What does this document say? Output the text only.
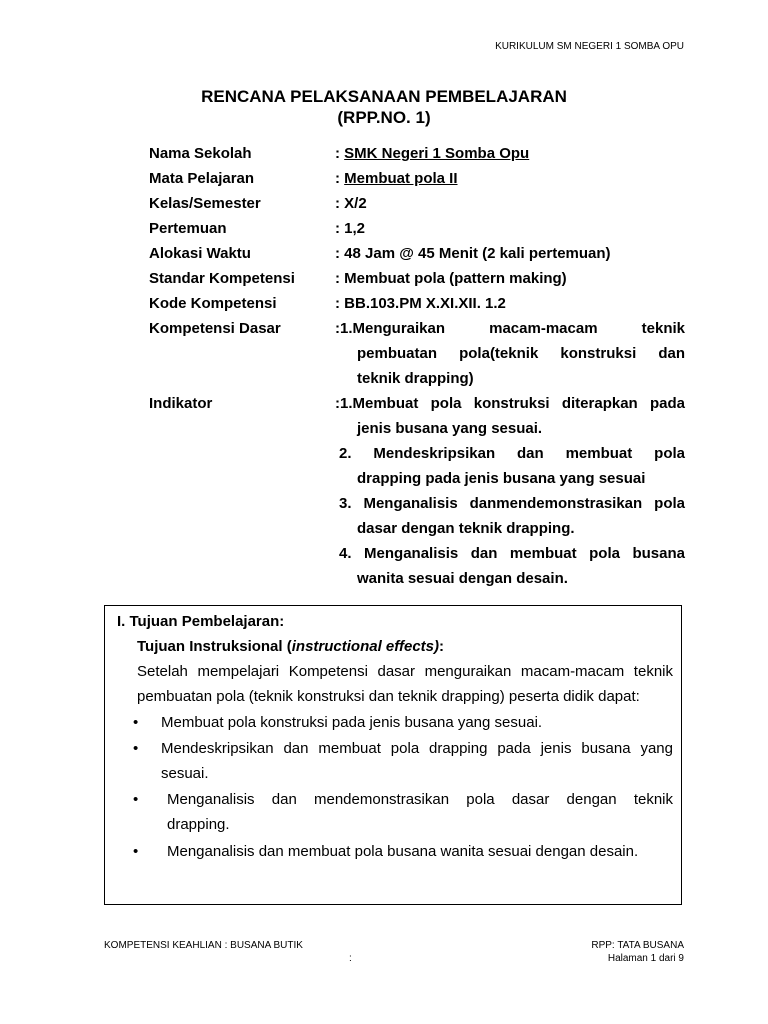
KURIKULUM SM NEGERI 1 SOMBA OPU
RENCANA PELAKSANAAN PEMBELAJARAN
(RPP.NO. 1)
Nama Sekolah	: SMK Negeri 1 Somba Opu
Mata Pelajaran	: Membuat pola II
Kelas/Semester	: X/2
Pertemuan	: 1,2
Alokasi Waktu	: 48 Jam @ 45 Menit (2 kali pertemuan)
Standar Kompetensi	: Membuat pola (pattern making)
Kode Kompetensi	: BB.103.PM X.XI.XII. 1.2
Kompetensi Dasar	:1.Menguraikan macam-macam teknik
pembuatan pola(teknik konstruksi dan
teknik drapping)
Indikator	:1.Membuat pola konstruksi diterapkan pada
jenis busana yang sesuai.
2. Mendeskripsikan dan membuat pola
drapping pada jenis busana yang sesuai
3. Menganalisis danmendemonstrasikan pola
dasar dengan teknik drapping.
4. Menganalisis dan membuat pola busana
wanita sesuai dengan desain.
I. Tujuan Pembelajaran:
Tujuan Instruksional (instructional effects):
Setelah mempelajari Kompetensi dasar menguraikan macam-macam teknik
pembuatan pola (teknik konstruksi dan teknik drapping) peserta didik dapat:
• Membuat pola konstruksi pada jenis busana yang sesuai.
• Mendeskripsikan dan membuat pola drapping pada jenis busana yang
sesuai.
• Menganalisis dan mendemonstrasikan pola dasar dengan teknik
drapping.
• Menganalisis dan membuat pola busana wanita sesuai dengan desain.
KOMPETENSI KEAHLIAN : BUSANA BUTIK	RPP: TATA BUSANA
:	Halaman 1 dari 9
